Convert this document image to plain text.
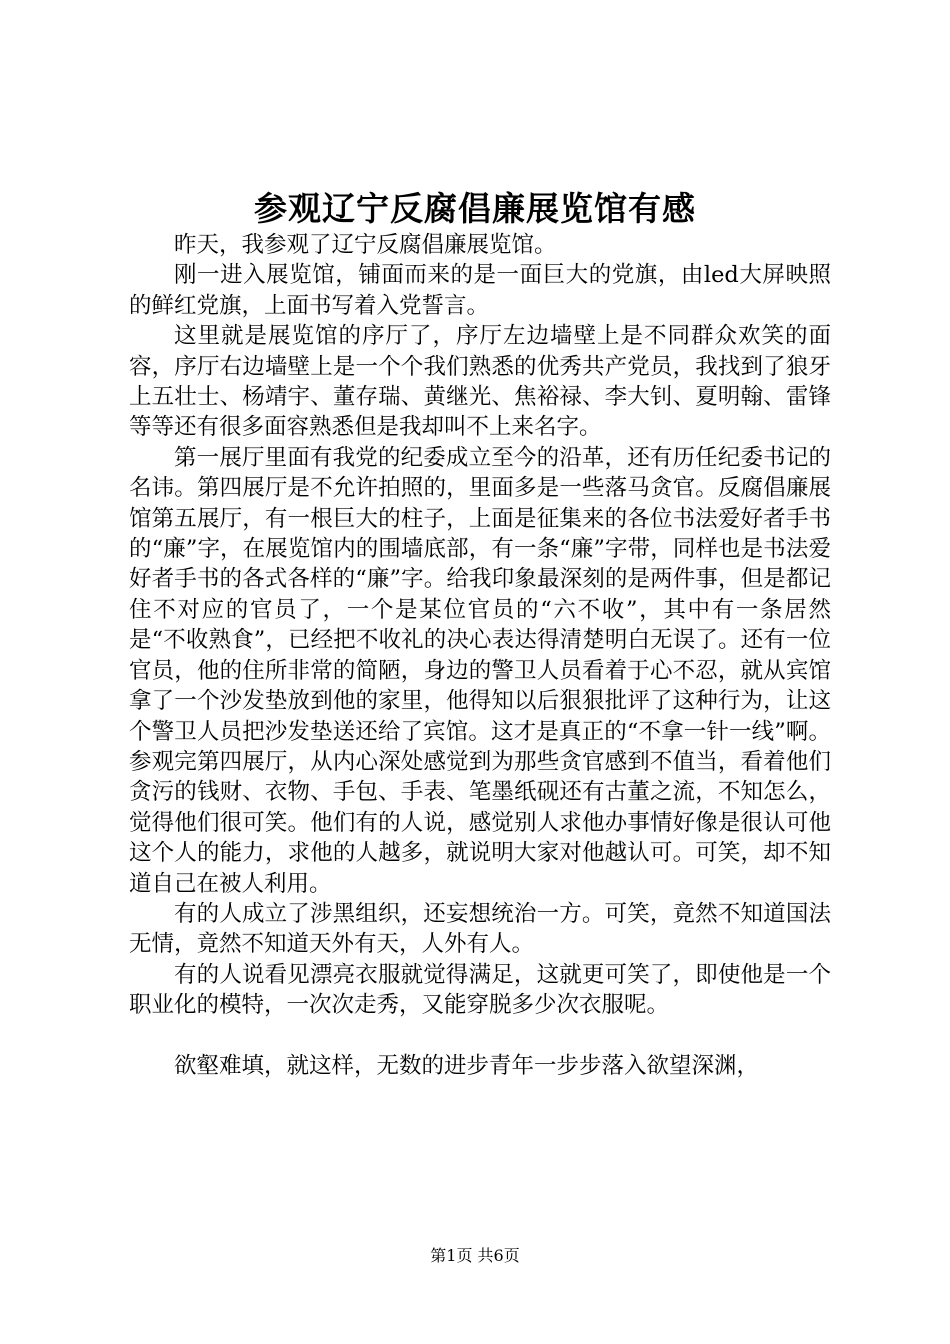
参观辽宁反腐倡廉展览馆有感

昨天，我参观了辽宁反腐倡廉展览馆。

刚一进入展览馆，铺面而来的是一面巨大的党旗，由led大屏映照的鲜红党旗，上面书写着入党誓言。

这里就是展览馆的序厅了，序厅左边墙壁上是不同群众欢笑的面容，序厅右边墙壁上是一个个我们熟悉的优秀共产党员，我找到了狼牙上五壮士、杨靖宇、董存瑞、黄继光、焦裕禄、李大钊、夏明翰、雷锋等等还有很多面容熟悉但是我却叫不上来名字。

第一展厅里面有我党的纪委成立至今的沿革，还有历任纪委书记的名讳。第四展厅是不允许拍照的，里面多是一些落马贪官。反腐倡廉展馆第五展厅，有一根巨大的柱子，上面是征集来的各位书法爱好者手书的“廉”字，在展览馆内的围墙底部，有一条“廉”字带，同样也是书法爱好者手书的各式各样的“廉”字。给我印象最深刻的是两件事，但是都记住不对应的官员了，一个是某位官员的“六不收”，其中有一条居然是“不收熟食”，已经把不收礼的决心表达得清楚明白无误了。还有一位官员，他的住所非常的简陋，身边的警卫人员看着于心不忍，就从宾馆拿了一个沙发垫放到他的家里，他得知以后狠狠批评了这种行为，让这个警卫人员把沙发垫送还给了宾馆。这才是真正的“不拿一针一线”啊。参观完第四展厅，从内心深处感觉到为那些贪官感到不值当，看着他们贪污的钱财、衣物、手包、手表、笔墨纸砚还有古董之流，不知怎么，觉得他们很可笑。他们有的人说，感觉别人求他办事情好像是很认可他这个人的能力，求他的人越多，就说明大家对他越认可。可笑，却不知道自己在被人利用。

有的人成立了涉黑组织，还妄想统治一方。可笑，竟然不知道国法无情，竟然不知道天外有天，人外有人。

有的人说看见漂亮衣服就觉得满足，这就更可笑了，即使他是一个职业化的模特，一次次走秀，又能穿脱多少次衣服呢。

欲壑难填，就这样，无数的进步青年一步步落入欲望深渊，

第1页 共6页
